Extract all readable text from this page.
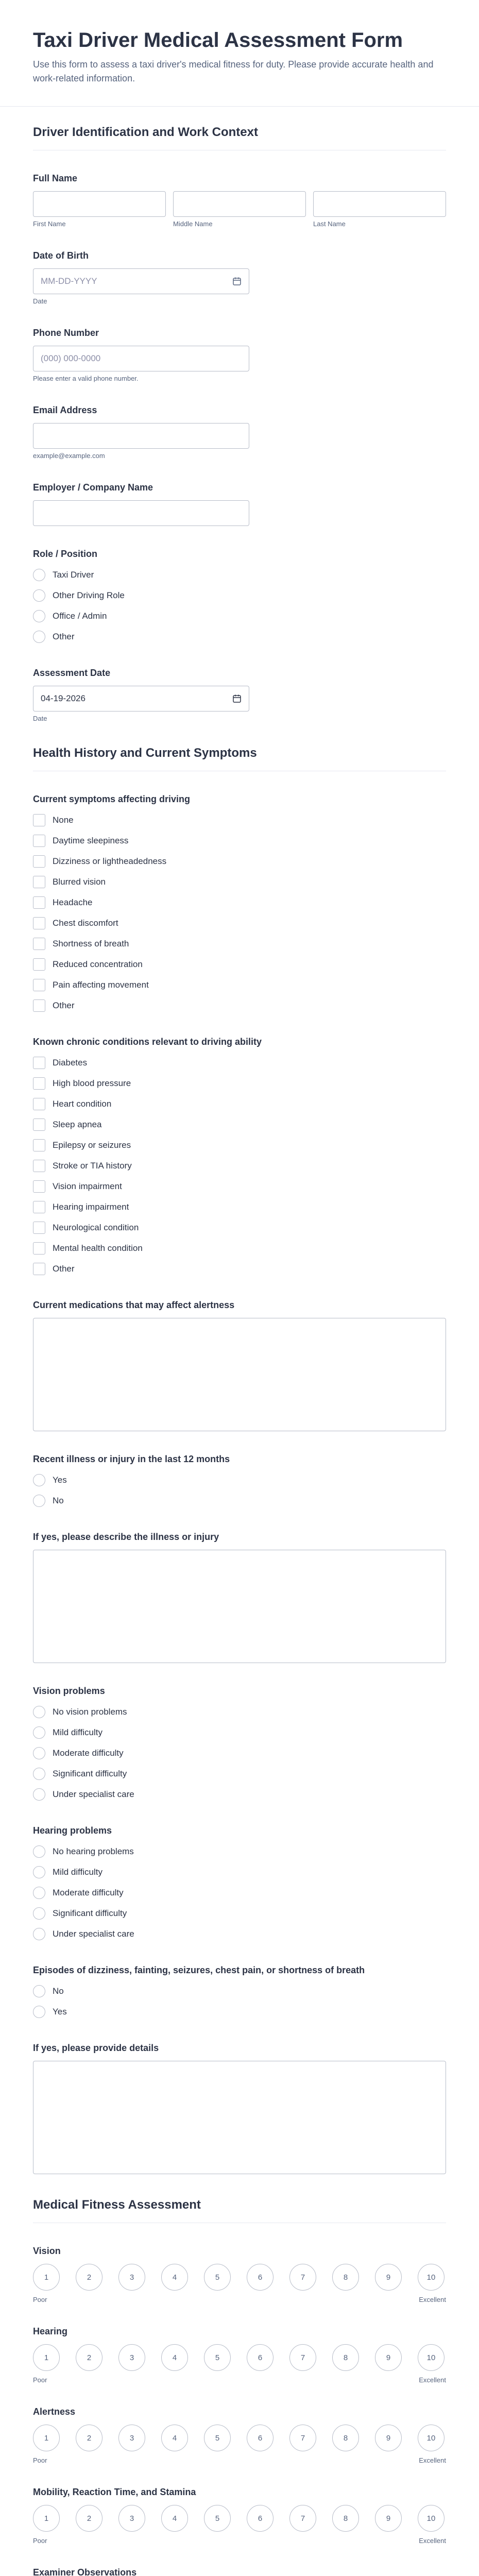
Taxi Driver Medical Assessment Form

Use this form to assess a taxi driver's medical fitness for duty. Please provide accurate health and work-related information.

Driver Identification and Work Context
Full Name
First Name	Middle Name	Last Name
Date of Birth
MM-DD-YYYY
Date
Phone Number
(000) 000-0000
Please enter a valid phone number.
Email Address
example@example.com
Employer / Company Name
Role / Position
Taxi Driver
Other Driving Role
Office / Admin
Other
Assessment Date
04-19-2026
Date
Health History and Current Symptoms
Current symptoms affecting driving
None
Daytime sleepiness
Dizziness or lightheadedness
Blurred vision
Headache
Chest discomfort
Shortness of breath
Reduced concentration
Pain affecting movement
Other
Known chronic conditions relevant to driving ability
Diabetes
High blood pressure
Heart condition
Sleep apnea
Epilepsy or seizures
Stroke or TIA history
Vision impairment
Hearing impairment
Neurological condition
Mental health condition
Other
Current medications that may affect alertness
Recent illness or injury in the last 12 months
Yes
No
If yes, please describe the illness or injury
Vision problems
No vision problems
Mild difficulty
Moderate difficulty
Significant difficulty
Under specialist care
Hearing problems
No hearing problems
Mild difficulty
Moderate difficulty
Significant difficulty
Under specialist care
Episodes of dizziness, fainting, seizures, chest pain, or shortness of breath
No
Yes
If yes, please provide details
Medical Fitness Assessment
Vision
1	2	3	4	5	6	7	8	9	10
Poor	Excellent
Hearing
1	2	3	4	5	6	7	8	9	10
Poor	Excellent
Alertness
1	2	3	4	5	6	7	8	9	10
Poor	Excellent
Mobility, Reaction Time, and Stamina
1	2	3	4	5	6	7	8	9	10
Poor	Excellent
Examiner Observations
